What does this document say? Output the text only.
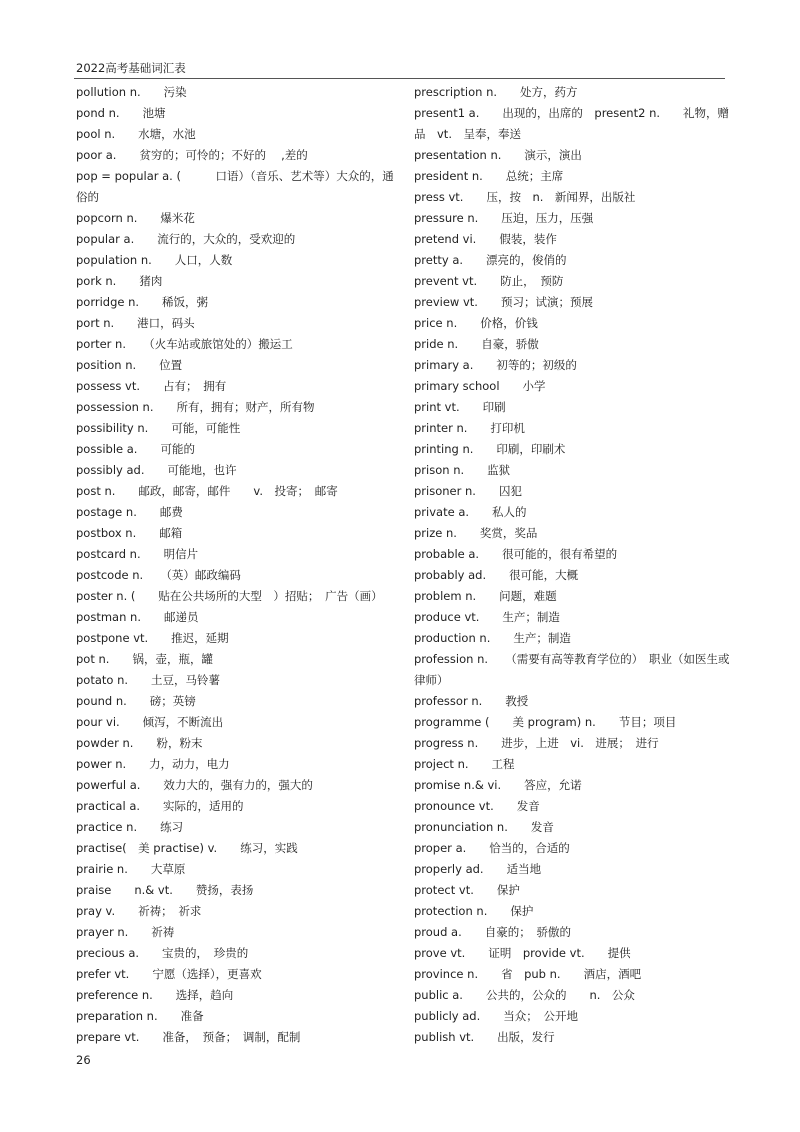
2022高考基础词汇表
pollution n.　　污染
pond n.　　池塘
pool n.　　水塘，水池
poor a.　　贫穷的；可怜的；不好的　 ,差的
pop = popular a. (　　　口语）（音乐、艺术等）大众的，通俗的
popcorn n.　　爆米花
popular a.　　流行的，大众的，受欢迎的
population n.　　人口，人数
pork n.　　猪肉
porridge n.　　稀饭，粥
port n.　　港口，码头
porter n.　　（火车站或旅馆处的）搬运工
position n.　　位置
possess vt.　　占有；　拥有
possession n.　　所有，拥有；财产，所有物
possibility n.　　可能，可能性
possible a.　　可能的
possibly ad.　　可能地，也许
post n.　　邮政，邮寄，邮件　　v.　投寄；　邮寄
postage n.　　邮费
postbox n.　　邮箱
postcard n.　　明信片
postcode n.　　（英）邮政编码
poster n. (　　贴在公共场所的大型　）招贴；　广告（画）
postman n.　　邮递员
postpone vt.　　推迟，延期
pot n.　　锅，壶，瓶，罐
potato n.　　土豆，马铃薯
pound n.　　磅；英镑
pour vi.　　倾泻，不断流出
powder n.　　粉，粉末
power n.　　力，动力，电力
powerful a.　　效力大的，强有力的，强大的
practical a.　　实际的，适用的
practice n.　　练习
practise(　美 practise) v.　　练习，实践
prairie n.　　大草原
praise　　n.& vt.　　赞扬，表扬
pray v.　　祈祷；　祈求
prayer n.　　祈祷
precious a.　　宝贵的，　珍贵的
prefer vt.　　宁愿（选择），更喜欢
preference n.　　选择，趋向
preparation n.　　准备
prepare vt.　　准备，　预备；　调制，配制
prescription n.　　处方，药方
present1 a.　　出现的，出席的　present2 n.　　礼物，赠品　vt.　呈奉，奉送
presentation n.　　演示，演出
president n.　　总统；主席
press vt.　　压，按　n.　新闻界，出版社
pressure n.　　压迫，压力，压强
pretend vi.　　假装，装作
pretty a.　　漂亮的，俊俏的
prevent vt.　　防止，　预防
preview vt.　　预习；试演；预展
price n.　　价格，价钱
pride n.　　自豪，骄傲
primary a.　　初等的；初级的
primary school　　小学
print vt.　　印刷
printer n.　　打印机
printing n.　　印刷，印刷术
prison n.　　监狱
prisoner n.　　囚犯
private a.　　私人的
prize n.　　奖赏，奖品
probable a.　　很可能的，很有希望的
probably ad.　　很可能，大概
problem n.　　问题，难题
produce vt.　　生产；制造
production n.　　生产；制造
profession n.　　（需要有高等教育学位的）　职业（如医生或律师）
professor n.　　教授
programme (　　美 program) n.　　节目；项目
progress n.　　进步，上进　vi.　进展；　进行
project n.　　工程
promise n.& vi.　　答应，允诺
pronounce vt.　　发音
pronunciation n.　　发音
proper a.　　恰当的，合适的
properly ad.　　适当地
protect vt.　　保护
protection n.　　保护
proud a.　　自豪的；　骄傲的
prove vt.　　证明　provide vt.　　提供
province n.　　省　pub n.　　酒店，酒吧
public a.　　公共的，公众的　　n.　公众
publicly ad.　　当众；　公开地
publish vt.　　出版，发行
26
